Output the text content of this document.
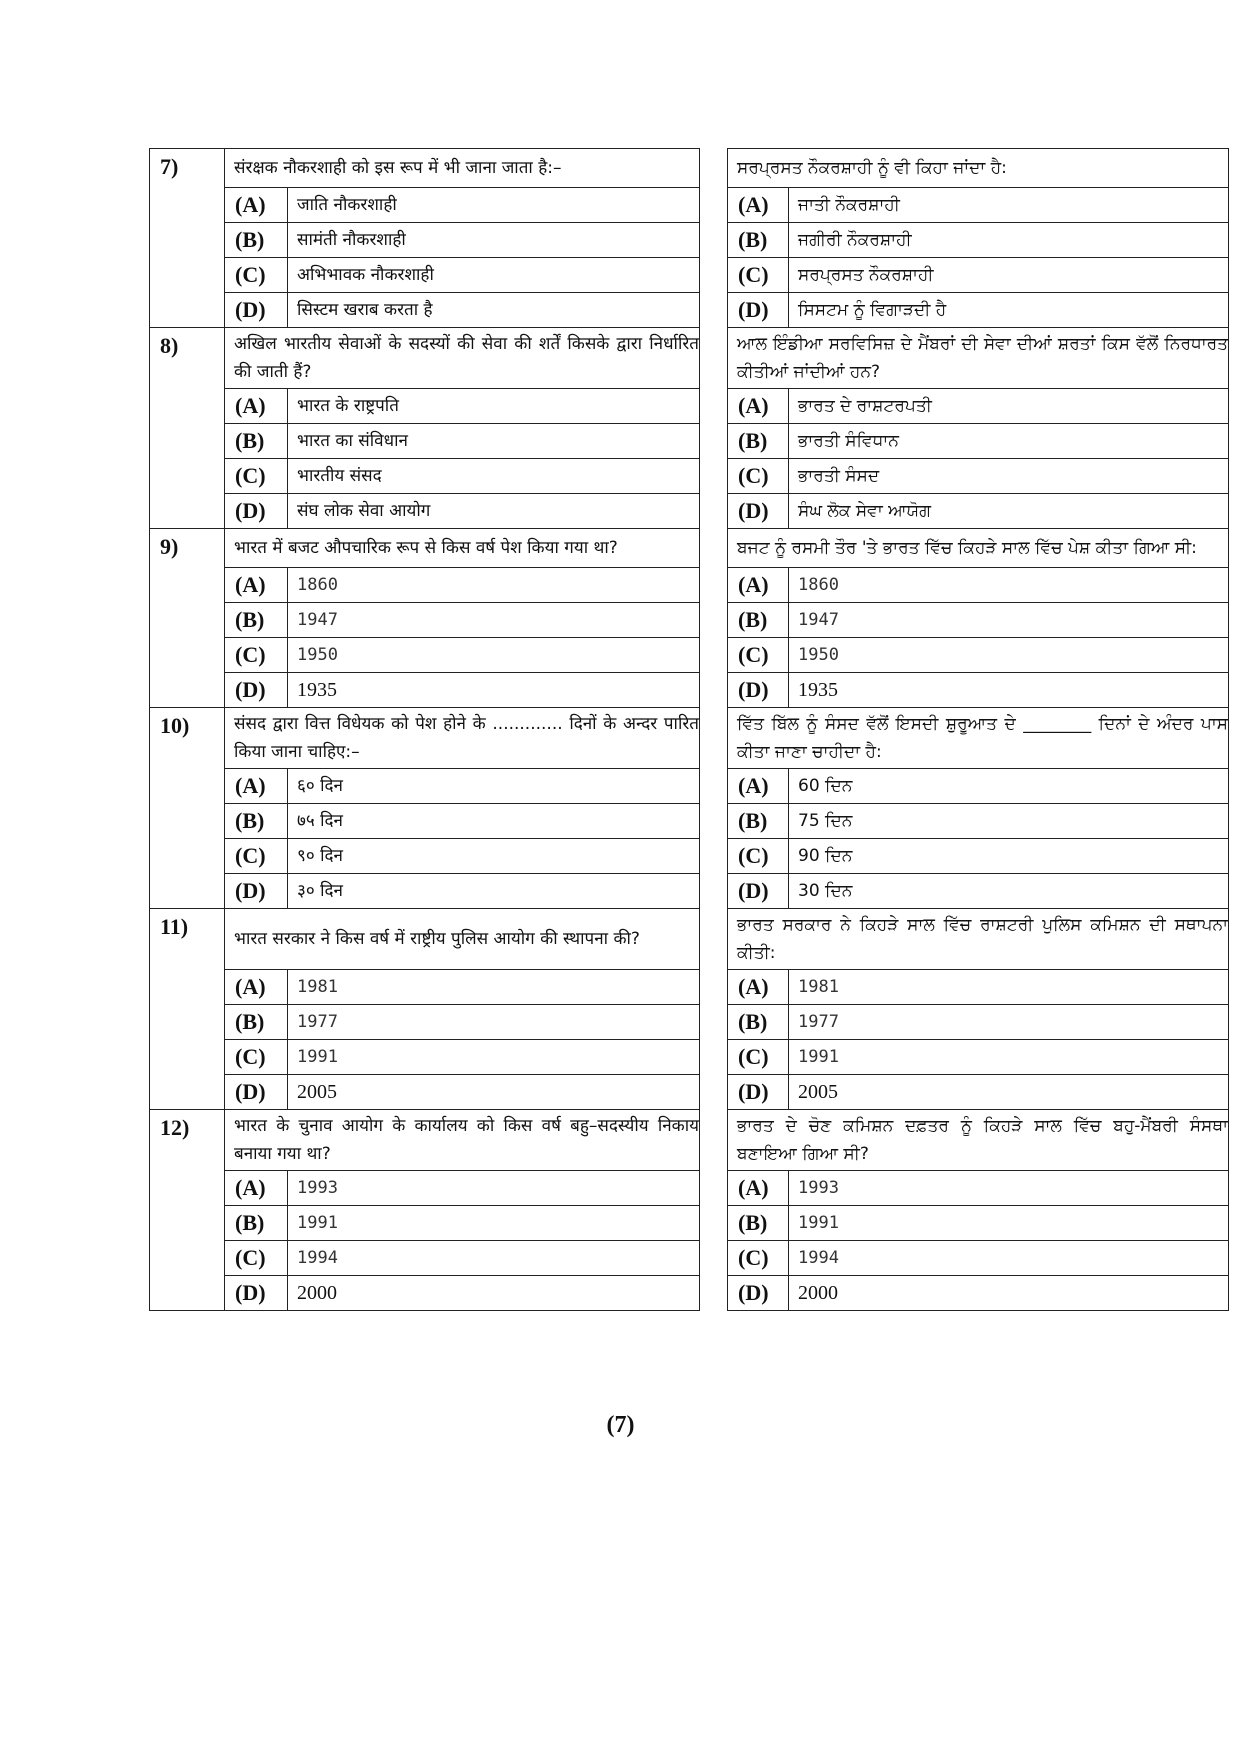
7)	संरक्षक नौकरशाही को इस रूप में भी जाना जाता है:–			ਸਰਪ੍ਰਸਤ ਨੌਕਰਸ਼ਾਹੀ ਨੂੰ ਵੀ ਕਿਹਾ ਜਾਂਦਾ ਹੈ:	
	(A)	जाति नौकरशाही		(A)	ਜਾਤੀ ਨੌਕਰਸ਼ਾਹੀ
	(B)	सामंती नौकरशाही		(B)	ਜਗੀਰੀ ਨੌਕਰਸ਼ਾਹੀ
	(C)	अभिभावक नौकरशाही		(C)	ਸਰਪ੍ਰਸਤ ਨੌਕਰਸ਼ਾਹੀ
	(D)	सिस्टम खराब करता है		(D)	ਸਿਸਟਮ ਨੂੰ ਵਿਗਾੜਦੀ ਹੈ
8)	अखिल भारतीय सेवाओं के सदस्यों की सेवा की शर्तें किसके द्वारा निर्धारित की जाती हैं?			ਆਲ ਇੰਡੀਆ ਸਰਵਿਸਿਜ਼ ਦੇ ਮੈਂਬਰਾਂ ਦੀ ਸੇਵਾ ਦੀਆਂ ਸ਼ਰਤਾਂ ਕਿਸ ਵੱਲੋਂ ਨਿਰਧਾਰਤ ਕੀਤੀਆਂ ਜਾਂਦੀਆਂ ਹਨ?	
	(A)	भारत के राष्ट्रपति		(A)	ਭਾਰਤ ਦੇ ਰਾਸ਼ਟਰਪਤੀ
	(B)	भारत का संविधान		(B)	ਭਾਰਤੀ ਸੰਵਿਧਾਨ
	(C)	भारतीय संसद		(C)	ਭਾਰਤੀ ਸੰਸਦ
	(D)	संघ लोक सेवा आयोग		(D)	ਸੰਘ ਲੋਕ ਸੇਵਾ ਆਯੋਗ
9)	भारत में बजट औपचारिक रूप से किस वर्ष पेश किया गया था?			ਬਜਟ ਨੂੰ ਰਸਮੀ ਤੌਰ 'ਤੇ ਭਾਰਤ ਵਿੱਚ ਕਿਹੜੇ ਸਾਲ ਵਿੱਚ ਪੇਸ਼ ਕੀਤਾ ਗਿਆ ਸੀ:	
	(A)	1860		(A)	1860
	(B)	1947		(B)	1947
	(C)	1950		(C)	1950
	(D)	1935		(D)	1935
10)	संसद द्वारा वित्त विधेयक को पेश होने के ............. दिनों के अन्दर पारित किया जाना चाहिए:–			ਵਿੱਤ ਬਿੱਲ ਨੂੰ ਸੰਸਦ ਵੱਲੋਂ ਇਸਦੀ ਸ਼ੁਰੂਆਤ ਦੇ ________ ਦਿਨਾਂ ਦੇ ਅੰਦਰ ਪਾਸ ਕੀਤਾ ਜਾਣਾ ਚਾਹੀਦਾ ਹੈ:	
	(A)	६० दिन		(A)	60 ਦਿਨ
	(B)	७५ दिन		(B)	75 ਦਿਨ
	(C)	९० दिन		(C)	90 ਦਿਨ
	(D)	३० दिन		(D)	30 ਦਿਨ
11)	भारत सरकार ने किस वर्ष में राष्ट्रीय पुलिस आयोग की स्थापना की?			ਭਾਰਤ ਸਰਕਾਰ ਨੇ ਕਿਹੜੇ ਸਾਲ ਵਿੱਚ ਰਾਸ਼ਟਰੀ ਪੁਲਿਸ ਕਮਿਸ਼ਨ ਦੀ ਸਥਾਪਨਾ ਕੀਤੀ:	
	(A)	1981		(A)	1981
	(B)	1977		(B)	1977
	(C)	1991		(C)	1991
	(D)	2005		(D)	2005
12)	भारत के चुनाव आयोग के कार्यालय को किस वर्ष बहु–सदस्यीय निकाय बनाया गया था?			ਭਾਰਤ ਦੇ ਚੋਣ ਕਮਿਸ਼ਨ ਦਫ਼ਤਰ ਨੂੰ ਕਿਹੜੇ ਸਾਲ ਵਿੱਚ ਬਹੁ-ਮੈਂਬਰੀ ਸੰਸਥਾ ਬਣਾਇਆ ਗਿਆ ਸੀ?	
	(A)	1993		(A)	1993
	(B)	1991		(B)	1991
	(C)	1994		(C)	1994
	(D)	2000		(D)	2000
(7)
